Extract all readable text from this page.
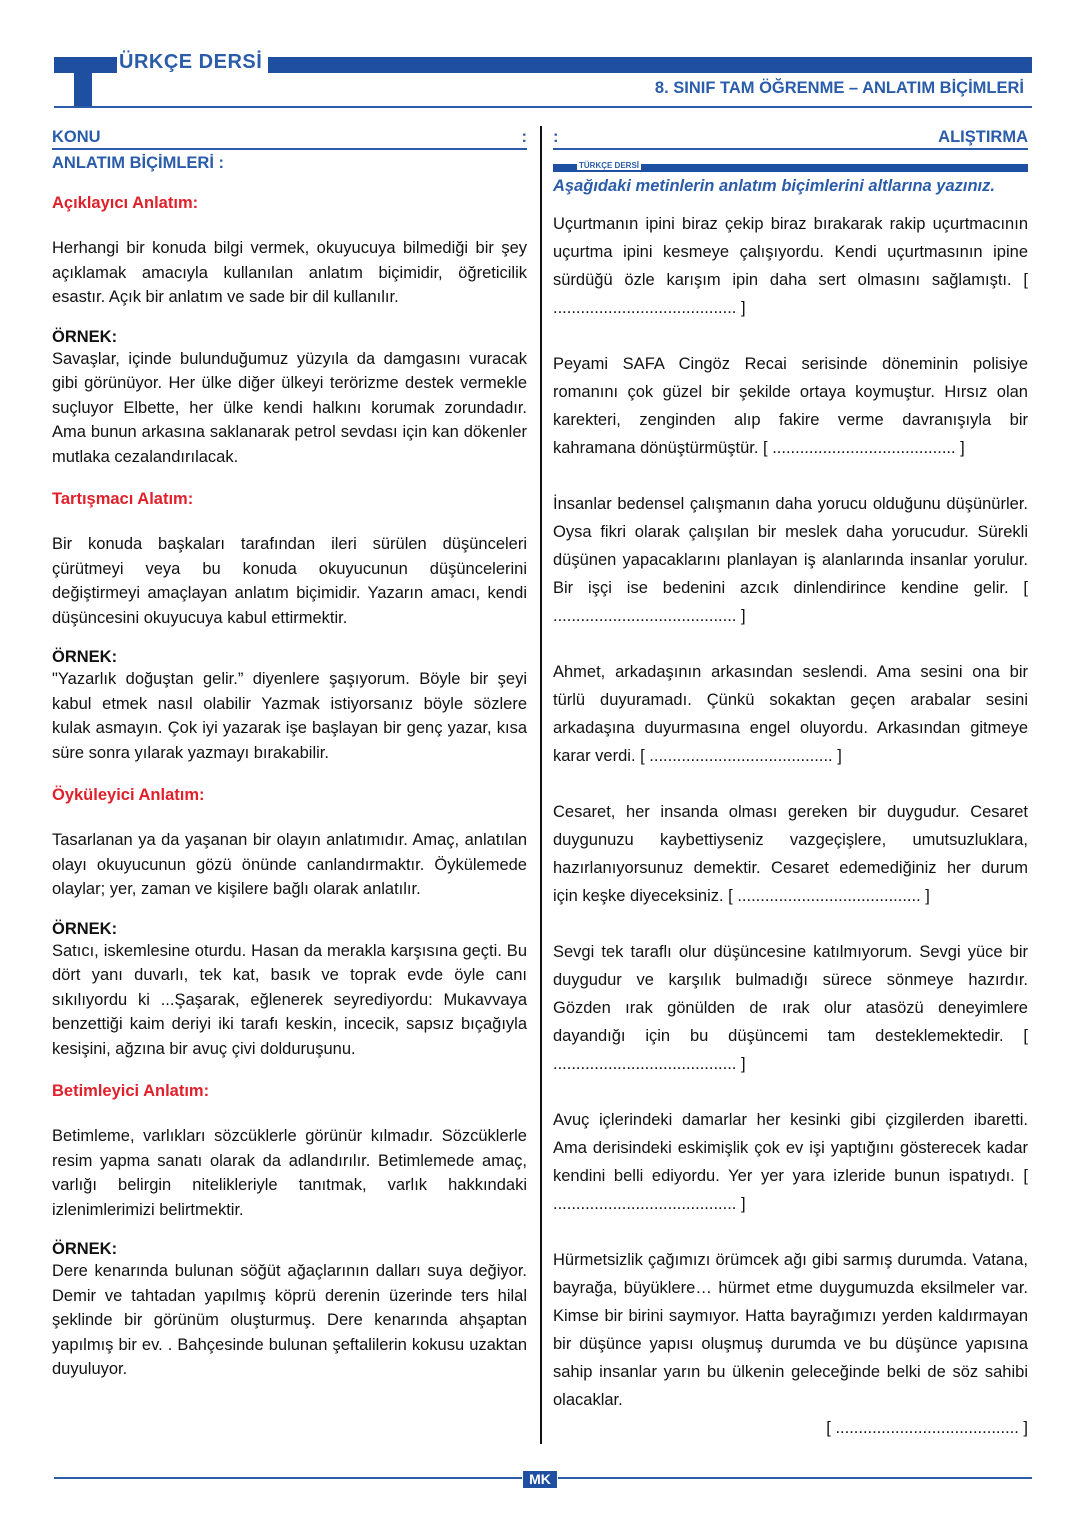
ÜRKÇE DERSİ
8. SINIF TAM ÖĞRENME – ANLATIM BİÇİMLERİ
KONU	:
ANLATIM BİÇİMLERİ :
Açıklayıcı Anlatım:
Herhangi bir konuda bilgi vermek, okuyucuya bilmediği bir şey açıklamak amacıyla kullanılan anlatım biçimidir, öğreticilik esastır. Açık bir anlatım ve sade bir dil kullanılır.
ÖRNEK:
Savaşlar, içinde bulunduğumuz yüzyıla da damgasını vuracak gibi görünüyor. Her ülke diğer ülkeyi terörizme destek vermekle suçluyor Elbette, her ülke kendi halkını korumak zorundadır. Ama bunun arkasına saklanarak petrol sevdası için kan dökenler mutlaka cezalandırılacak.
Tartışmacı Alatım:
Bir konuda başkaları tarafından ileri sürülen düşünceleri çürütmeyi veya bu konuda okuyucunun düşüncelerini değiştirmeyi amaçlayan anlatım biçimidir. Yazarın amacı, kendi düşüncesini okuyucuya kabul ettirmektir.
ÖRNEK:
"Yazarlık doğuştan gelir.” diyenlere şaşıyorum. Böyle bir şeyi kabul etmek nasıl olabilir Yazmak istiyorsanız böyle sözlere kulak asmayın. Çok iyi yazarak işe başlayan bir genç yazar, kısa süre sonra yılarak yazmayı bırakabilir.
Öyküleyici Anlatım:
Tasarlanan ya da yaşanan bir olayın anlatımıdır. Amaç, anlatılan olayı okuyucunun gözü önünde canlandırmaktır. Öykülemede olaylar; yer, zaman ve kişilere bağlı olarak anlatılır.
ÖRNEK:
Satıcı, iskemlesine oturdu. Hasan da merakla karşısına geçti. Bu dört yanı duvarlı, tek kat, basık ve toprak evde öyle canı sıkılıyordu ki ...Şaşarak, eğlenerek seyrediyordu: Mukavvaya benzettiği kaim deriyi iki tarafı keskin, incecik, sapsız bıçağıyla kesişini, ağzına bir avuç çivi dolduruşunu.
Betimleyici Anlatım:
Betimleme, varlıkları sözcüklerle görünür kılmadır. Sözcüklerle resim yapma sanatı olarak da adlandırılır. Betimlemede amaç, varlığı belirgin nitelikleriyle tanıtmak, varlık hakkındaki izlenimlerimizi belirtmektir.
ÖRNEK:
Dere kenarında bulunan söğüt ağaçlarının dalları suya değiyor. Demir ve tahtadan yapılmış köprü derenin üzerinde ters hilal şeklinde bir görünüm oluşturmuş. Dere kenarında ahşaptan yapılmış bir ev. . Bahçesinde bulunan şeftalilerin kokusu uzaktan duyuluyor.
:	ALIŞTIRMA
TÜRKÇE DERSİ
Aşağıdaki metinlerin anlatım biçimlerini altlarına yazınız.
Uçurtmanın ipini biraz çekip biraz bırakarak rakip uçurtmacının uçurtma ipini kesmeye çalışıyordu. Kendi uçurtmasının ipine sürdüğü özle karışım ipin daha sert olmasını sağlamıştı. [ ........................................ ]
Peyami SAFA Cingöz Recai serisinde döneminin polisiye romanını çok güzel bir şekilde ortaya koymuştur. Hırsız olan karekteri, zenginden alıp fakire verme davranışıyla bir kahramana dönüştürmüştür. [ ........................................ ]
İnsanlar bedensel çalışmanın daha yorucu olduğunu düşünürler. Oysa fikri olarak çalışılan bir meslek daha yorucudur. Sürekli düşünen yapacaklarını planlayan iş alanlarında insanlar yorulur. Bir işçi ise bedenini azcık dinlendirince kendine gelir. [ ........................................ ]
Ahmet, arkadaşının arkasından seslendi. Ama sesini ona bir türlü duyuramadı. Çünkü sokaktan geçen arabalar sesini arkadaşına duyurmasına engel oluyordu. Arkasından gitmeye karar verdi. [ ........................................ ]
Cesaret, her insanda olması gereken bir duygudur. Cesaret duygunuzu kaybettiyseniz vazgeçişlere, umutsuzluklara, hazırlanıyorsunuz demektir. Cesaret edemediğiniz her durum için keşke diyeceksiniz. [ ........................................ ]
Sevgi tek taraflı olur düşüncesine katılmıyorum. Sevgi yüce bir duygudur ve karşılık bulmadığı sürece sönmeye hazırdır. Gözden ırak gönülden de ırak olur atasözü deneyimlere dayandığı için bu düşüncemi tam desteklemektedir. [ ........................................ ]
Avuç içlerindeki damarlar her kesinki gibi çizgilerden ibaretti. Ama derisindeki eskimişlik çok ev işi yaptığını gösterecek kadar kendini belli ediyordu. Yer yer yara izleride bunun ispatıydı. [ ........................................ ]
Hürmetsizlik çağımızı örümcek ağı gibi sarmış durumda. Vatana, bayrağa, büyüklere… hürmet etme duygumuzda eksilmeler var. Kimse bir birini saymıyor. Hatta bayrağımızı yerden kaldırmayan bir düşünce yapısı oluşmuş durumda ve bu düşünce yapısına sahip insanlar yarın bu ülkenin geleceğinde belki de söz sahibi olacaklar.
[ ........................................ ]
MK
